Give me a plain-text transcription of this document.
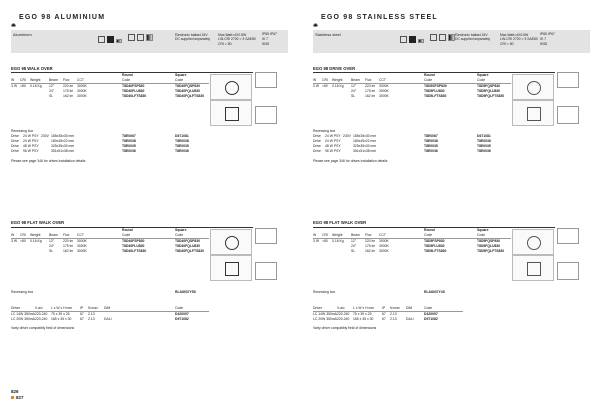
EGO 98 ALUMINIUM
Aluminium	Electronic ballast 24V DC supplied separately
Max.Watt=4X0.5W LIN.CRI 2700 > 3 SAE80 CRI > 80
IP65 IP67
IK 7
IK08
EGO 98 WALK OVER
Round	Square
Code	Code
W CRI Weight	Beam Flux CCT
3 W >80 0.16 Kg 12°	220 lm 3000K	T8D40FSP830	T8D40FQSP830
24°	175 lm 3000K	T8D40FLU830	T8D40FQLU830
SL	162 lm 3000K	T8D40LFTS830	T8D40FQLFTS830
Recessing box
Drive 24 W PSY 230V 185x35x30 mm	T8E0067	D671081
Drive 24 W PSY	180x45x22 mm	T8E0038	T8E0038
Drive 48 W PSY	325x35x30 mm	T8E0035	T8E0035
Drive 96 W PSY	351x51x38 mm	T8E0036	T8E0036
Please see page 346 for drives installation details
EGO 98 FLAT WALK OVER
Round	Square
Code	Code
W CRI Weight	Beam Flux CCT
3 W >80 0.16 Kg 12°	220 lm 3000K	T8D40FSP830	T8D40FQSP830
24°	175 lm 3000K	T8D40FLU830	T8D40FQLU830
SL	162 lm 3000K	T8D40LFTS830	T8D40FQLFTS830
Recessing box	RLA8037Y5S
Driver	V-a/c L x W x H mm IP N.max DIM	Code
LC 14W 350mA 220-240 75 x 39 x 25	67 2.13	D420097
LC 20W 350mA 220-240 165 x 35 x 30	67 2.13	DALI	D971082
Varty driver compatibly field of dimensions
826
827
EGO 98 STAINLESS STEEL
Stainless steel	Electronic ballast 24V DC supplied separately
Max.Watt=4X0.5W LIN.CRI 2700 > 3 SAE80 CRI > 80
IP65 IP67
IK 7
IK08
EGO 98 DRIVE OVER
Round	Square
Code	Code
W CRI Weight	Beam Flux CCT
3 W >80 0.16 Kg 12°	220 lm 3000K	T8D5SFSP830	T8D5FQSP830
24°	175 lm 3000K	T8D5FLU830	T8D5FQLU830
SL	162 lm 3000K	T8D5LFTS830	T8D5FQLFTS830
Recessing box
Drive 24 W PSY 230V 185x35x30 mm	T8E0067	D671081
Drive 24 W PSY	180x45x22 mm	T8E0038	T8E0038
Drive 48 W PSY	325x35x30 mm	T8E0035	T8E0035
Drive 96 W PSY	351x51x38 mm	T8E0036	T8E0036
Please see page 346 for drives installation details
EGO 98 FLAT WALK OVER
Round	Square
Code	Code
W CRI Weight	Beam Flux CCT
3 W >80 0.16 Kg 12°	220 lm 3000K	T8D5FSP830	T8D5FQSP830
24°	175 lm 3000K	T8D5FLU830	T8D5FQLU830
SL	162 lm 3000K	T8D5LFTS830	T8D5FQLFTS830
Recessing box	RLA8037Y4S
Driver	V-a/c L x W x H mm IP N.max DIM	Code
LC 14W 350mA 220-240 75 x 39 x 25	67 2.13	D420097
LC 20W 350mA 220-240 165 x 35 x 30	67 2.13	DALI	D971082
Varty driver compatibly field of dimensions
